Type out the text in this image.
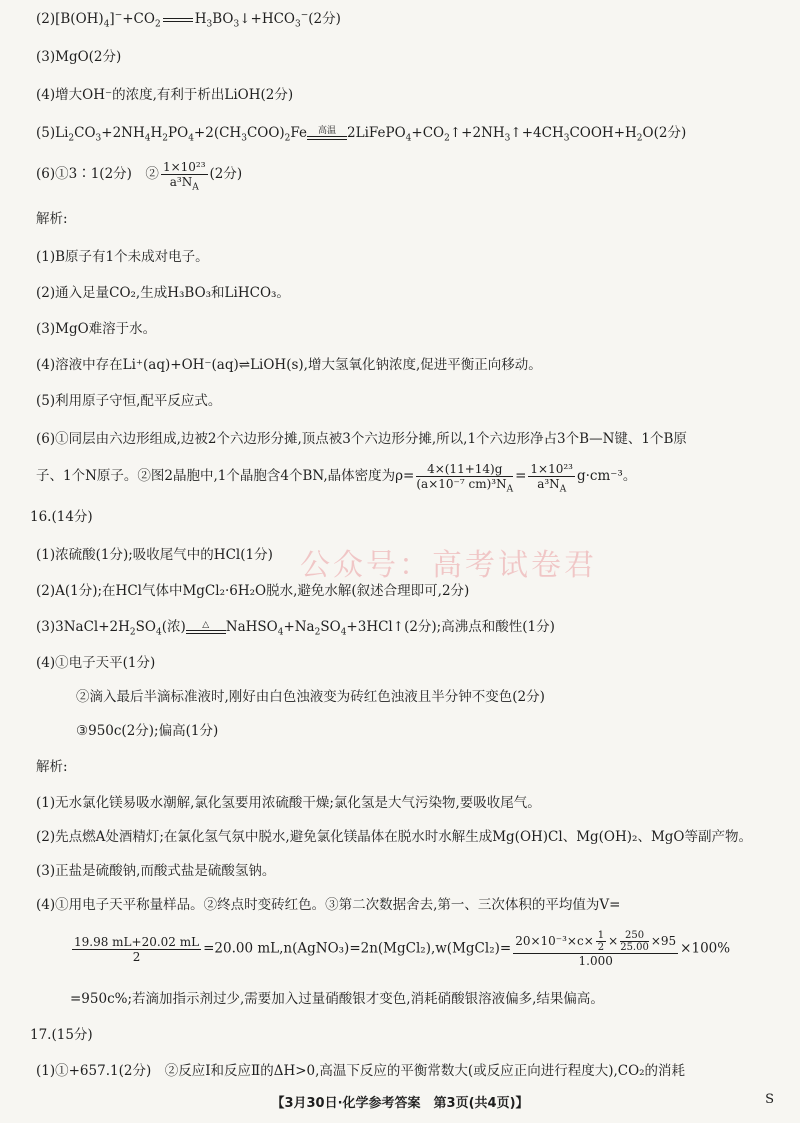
公众号：高考试卷君
$(2)[B(OH)_4]^-+CO_2$	$H_3BO_3↓+HCO_3^-(2$分)
(3)MgO(2分)
(4)增大OH⁻的浓度,有利于析出LiOH(2分)
$(5)Li_2CO_3+2NH_4H_2PO_4+2(CH_3COO)_2Fe$	高温 $2LiFePO_4+CO_2↑+2NH_3↑+4CH_3COOH+H_2O(2$分)
(6)①3∶1(2分)　② $\frac{\text{1×10²³}}{a^3N_A} (2$分)
解析:
(1)B原子有1个未成对电子。
(2)通入足量CO₂,生成H₃BO₃和LiHCO₃。
(3)MgO难溶于水。
(4)溶液中存在Li⁺(aq)+OH⁻(aq)⇌LiOH(s),增大氢氧化钠浓度,促进平衡正向移动。
(5)利用原子守恒,配平反应式。
(6)①同层由六边形组成,边被2个六边形分摊,顶点被3个六边形分摊,所以,1个六边形净占3个B—N键、1个B原
子、1个N原子。②图2晶胞中,1个晶胞含4个BN,晶体密度为$\rho= \frac{4\times(11+14)g}{(a\times 10^{-7} cm)^3N_A} = \frac{\text{1×10²³}}{a^3N_A} g\cdot cm^{-3}$。
16.(14分)
(1)浓硫酸(1分);吸收尾气中的HCl(1分)
(2)A(1分);在HCl气体中MgCl₂·6H₂O脱水,避免水解(叙述合理即可,2分)
$(3)3NaCl+2H_2SO_4$(浓)	△	$NaHSO_4+Na_2SO_4+3HCl↑(2$分);高沸点和酸性(1分)
(4)①电子天平(1分)
②滴入最后半滴标准液时,刚好由白色浊液变为砖红色浊液且半分钟不变色(2分)
③950c(2分);偏高(1分)
解析:
(1)无水氯化镁易吸水潮解,氯化氢要用浓硫酸干燥;氯化氢是大气污染物,要吸收尾气。
(2)先点燃A处酒精灯;在氯化氢气氛中脱水,避免氯化镁晶体在脱水时水解生成Mg(OH)Cl、Mg(OH)₂、MgO等副产物。
(3)正盐是硫酸钠,而酸式盐是硫酸氢钠。
(4)①用电子天平称量样品。②终点时变砖红色。③第二次数据舍去,第一、三次体积的平均值为V=
$\frac{19.98 mL+20.02 mL}{2} =20.00$ mL,n(AgNO₃)=2n(MgCl₂),w(MgCl₂)= $\frac{20\times 10^{-3}\times c\times \frac{1}{2} \times \frac{250}{25.00} \times 95}{1.000} \times 100\%$
=950c%;若滴加指示剂过少,需要加入过量硝酸银才变色,消耗硝酸银溶液偏多,结果偏高。
17.(15分)
(1)①+657.1(2分)　②反应Ⅰ和反应Ⅱ的ΔH>0,高温下反应的平衡常数大(或反应正向进行程度大),CO₂的消耗
【3月30日·化学参考答案　第3页(共4页)】	S
